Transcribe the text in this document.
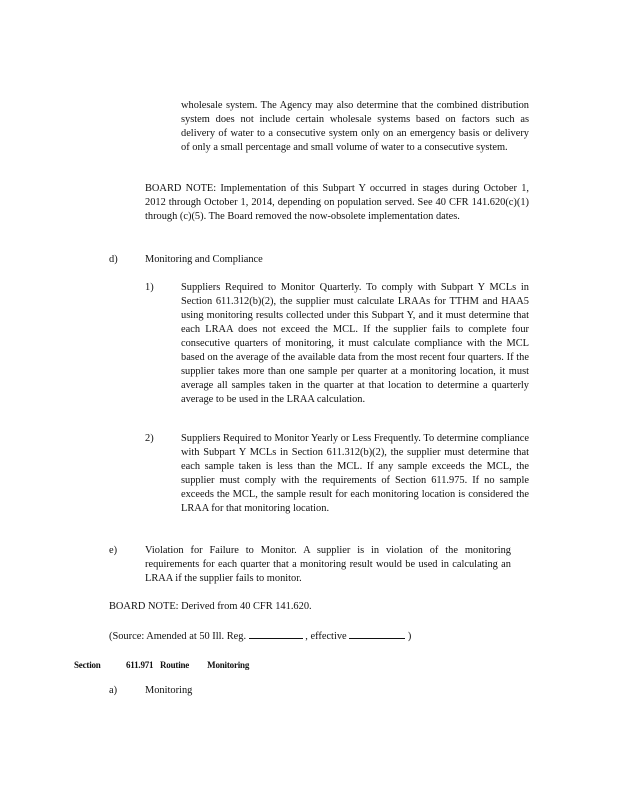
wholesale system. The Agency may also determine that the combined distribution system does not include certain wholesale systems based on factors such as delivery of water to a consecutive system only on an emergency basis or delivery of only a small percentage and small volume of water to a consecutive system.
BOARD NOTE: Implementation of this Subpart Y occurred in stages during October 1, 2012 through October 1, 2014, depending on population served. See 40 CFR 141.620(c)(1) through (c)(5). The Board removed the now-obsolete implementation dates.
d)	Monitoring and Compliance
1)	Suppliers Required to Monitor Quarterly. To comply with Subpart Y MCLs in Section 611.312(b)(2), the supplier must calculate LRAAs for TTHM and HAA5 using monitoring results collected under this Subpart Y, and it must determine that each LRAA does not exceed the MCL. If the supplier fails to complete four consecutive quarters of monitoring, it must calculate compliance with the MCL based on the average of the available data from the most recent four quarters. If the supplier takes more than one sample per quarter at a monitoring location, it must average all samples taken in the quarter at that location to determine a quarterly average to be used in the LRAA calculation.
2)	Suppliers Required to Monitor Yearly or Less Frequently. To determine compliance with Subpart Y MCLs in Section 611.312(b)(2), the supplier must determine that each sample taken is less than the MCL. If any sample exceeds the MCL, the supplier must comply with the requirements of Section 611.975. If no sample exceeds the MCL, the sample result for each monitoring location is considered the LRAA for that monitoring location.
e)	Violation for Failure to Monitor. A supplier is in violation of the monitoring requirements for each quarter that a monitoring result would be used in calculating an LRAA if the supplier fails to monitor.
BOARD NOTE: Derived from 40 CFR 141.620.
(Source: Amended at 50 Ill. Reg.	, effective	)
Section	611.971 Routine Monitoring
a)	Monitoring
